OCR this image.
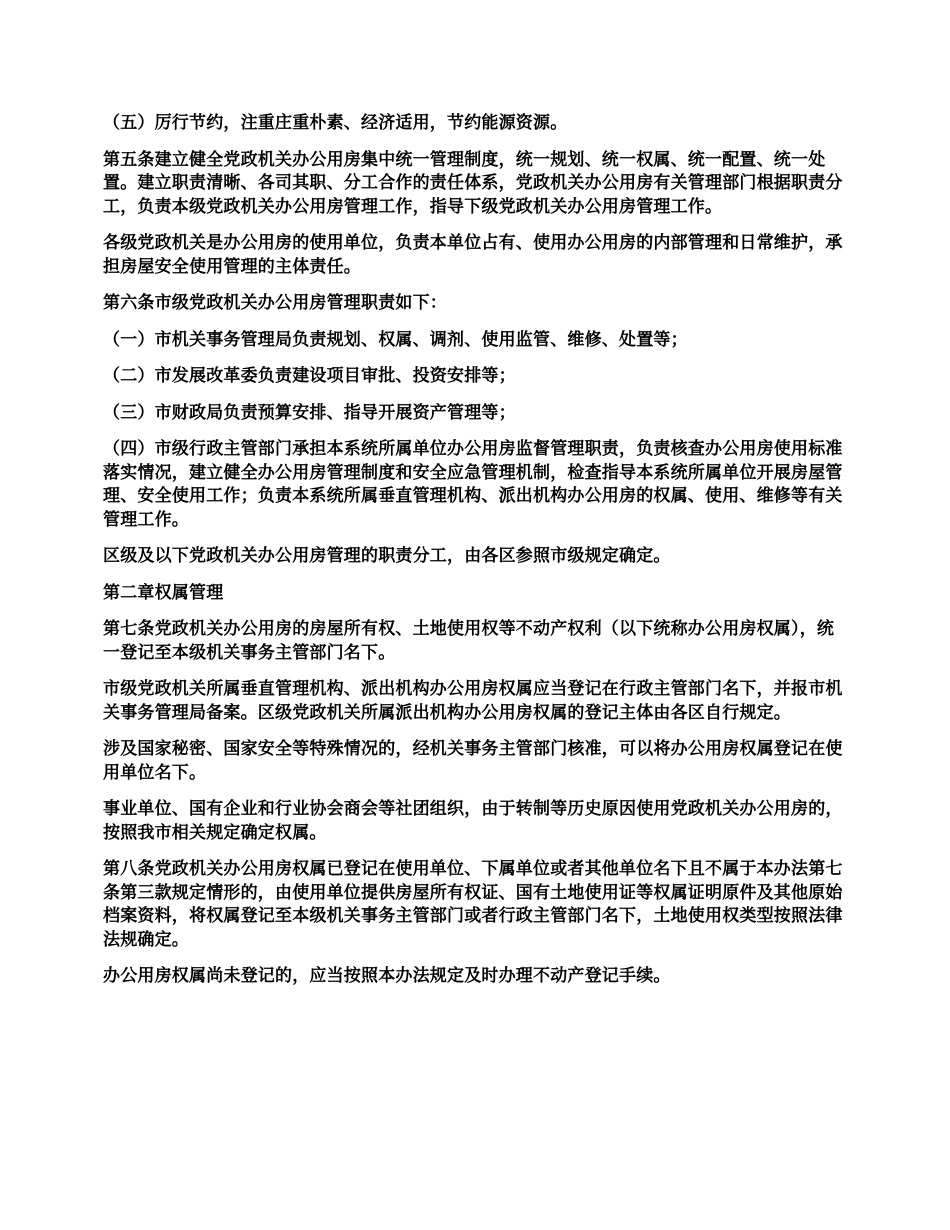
（五）厉行节约，注重庄重朴素、经济适用，节约能源资源。

第五条建立健全党政机关办公用房集中统一管理制度，统一规划、统一权属、统一配置、统一处置。建立职责清晰、各司其职、分工合作的责任体系，党政机关办公用房有关管理部门根据职责分工，负责本级党政机关办公用房管理工作，指导下级党政机关办公用房管理工作。

各级党政机关是办公用房的使用单位，负责本单位占有、使用办公用房的内部管理和日常维护，承担房屋安全使用管理的主体责任。

第六条市级党政机关办公用房管理职责如下：

（一）市机关事务管理局负责规划、权属、调剂、使用监管、维修、处置等；

（二）市发展改革委负责建设项目审批、投资安排等；

（三）市财政局负责预算安排、指导开展资产管理等；

（四）市级行政主管部门承担本系统所属单位办公用房监督管理职责，负责核查办公用房使用标准落实情况，建立健全办公用房管理制度和安全应急管理机制，检查指导本系统所属单位开展房屋管理、安全使用工作；负责本系统所属垂直管理机构、派出机构办公用房的权属、使用、维修等有关管理工作。

区级及以下党政机关办公用房管理的职责分工，由各区参照市级规定确定。

第二章权属管理

第七条党政机关办公用房的房屋所有权、土地使用权等不动产权利（以下统称办公用房权属），统一登记至本级机关事务主管部门名下。

市级党政机关所属垂直管理机构、派出机构办公用房权属应当登记在行政主管部门名下，并报市机关事务管理局备案。区级党政机关所属派出机构办公用房权属的登记主体由各区自行规定。

涉及国家秘密、国家安全等特殊情况的，经机关事务主管部门核准，可以将办公用房权属登记在使用单位名下。

事业单位、国有企业和行业协会商会等社团组织，由于转制等历史原因使用党政机关办公用房的，按照我市相关规定确定权属。

第八条党政机关办公用房权属已登记在使用单位、下属单位或者其他单位名下且不属于本办法第七条第三款规定情形的，由使用单位提供房屋所有权证、国有土地使用证等权属证明原件及其他原始档案资料，将权属登记至本级机关事务主管部门或者行政主管部门名下，土地使用权类型按照法律法规确定。

办公用房权属尚未登记的，应当按照本办法规定及时办理不动产登记手续。
